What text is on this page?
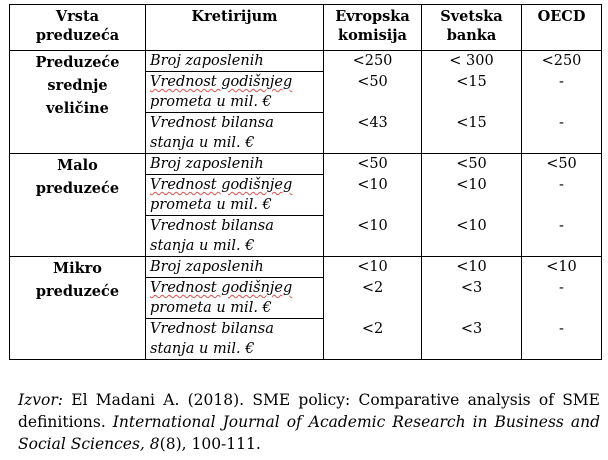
Vrsta preduzeća	Kretirijum	Evropska komisija	Svetska banka	OECD
Preduzeće srednje veličine	Broj zaposlenih	<250	< 300	<250
	Vrednost godišnjeg prometa u mil. €	<50	<15	-
	Vrednost bilansa stanja u mil. €	<43	<15	-
Malo preduzeće	Broj zaposlenih	<50	<50	<50
	Vrednost godišnjeg prometa u mil. €	<10	<10	-
	Vrednost bilansa stanja u mil. €	<10	<10	-
Mikro preduzeće	Broj zaposlenih	<10	<10	<10
	Vrednost godišnjeg prometa u mil. €	<2	<3	-
	Vrednost bilansa stanja u mil. €	<2	<3	-
Izvor: El Madani A. (2018). SME policy: Comparative analysis of SME definitions. International Journal of Academic Research in Business and Social Sciences, 8(8), 100-111.
